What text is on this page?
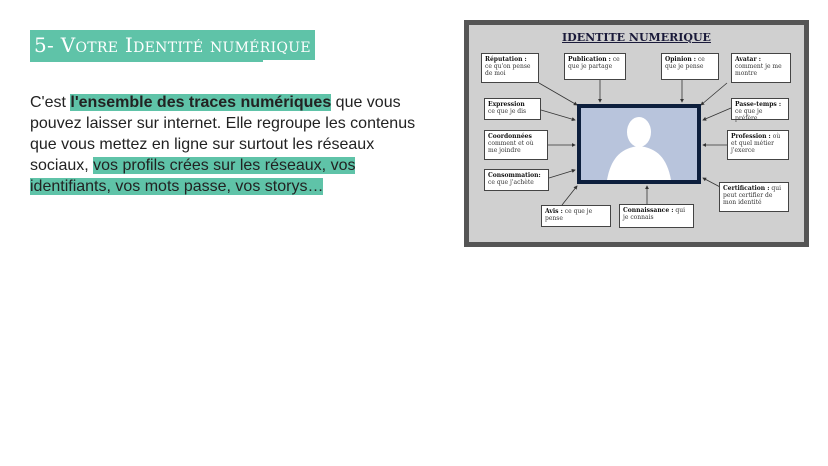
5- Votre Identité numérique
C'est l'ensemble des traces numériques que vous pouvez laisser sur internet. Elle regroupe les contenus que vous mettez en ligne sur surtout les réseaux sociaux, vos profils crées sur les réseaux, vos identifiants, vos mots passe, vos storys…
IDENTITE NUMERIQUE
Réputation : ce qu'on pense de moi
Publication : ce que je partage
Opinion : ce que je pense
Avatar : comment je me montre
Expression
ce que je dis
Passe-temps : ce que je préfère
Coordonnées
comment et où me joindre
Profession : où et quel métier j'exerce
Consommation: ce que j'achète
Certification : qui peut certifier de mon identité
Avis : ce que je pense
Connaissance : qui je connais
